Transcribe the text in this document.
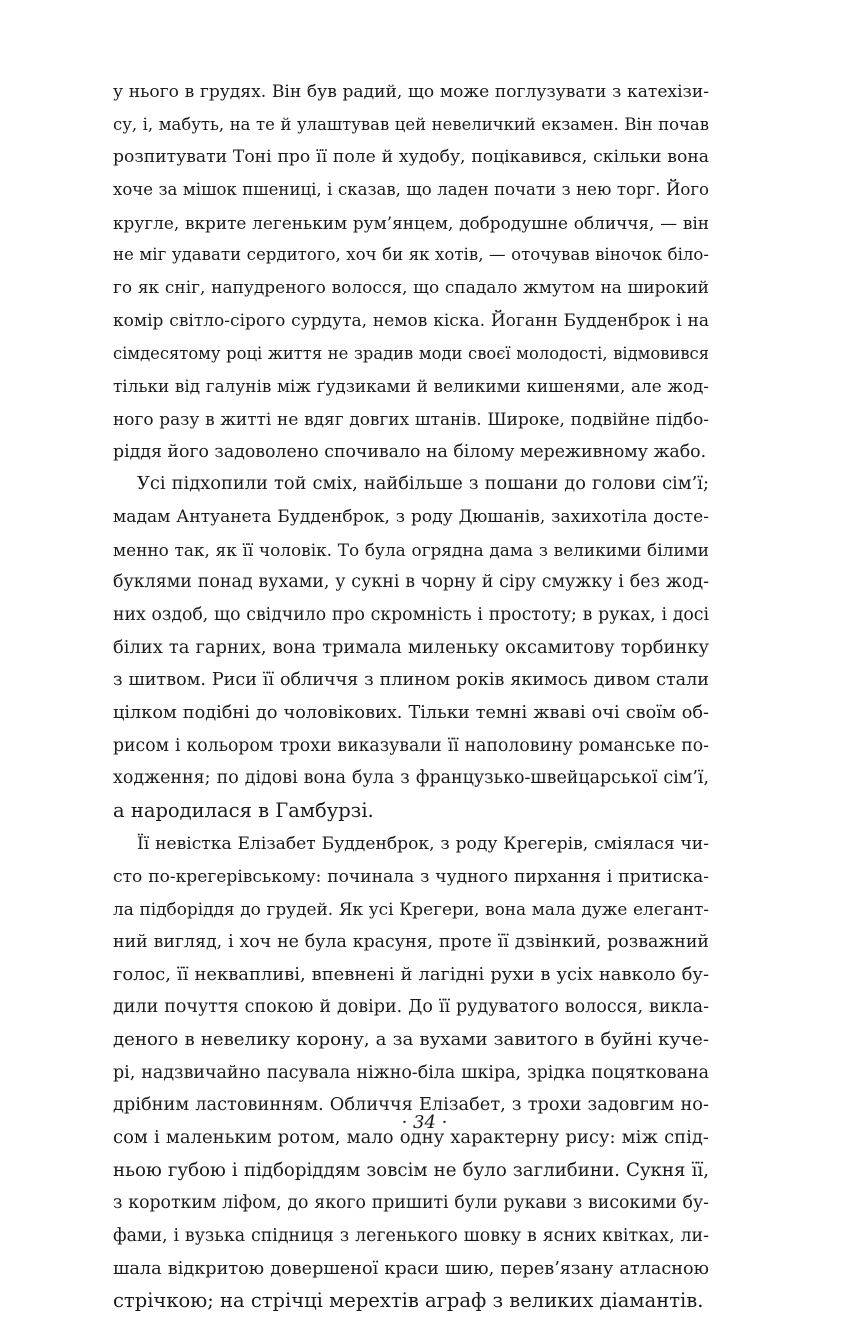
у нього в грудях. Він був радий, що може поглузувати з катехізи-
су, і, мабуть, на те й улаштував цей невеличкий екзамен. Він почав
розпитувати Тоні про її поле й худобу, поцікавився, скільки вона
хоче за мішок пшениці, і сказав, що ладен почати з нею торг. Його
кругле, вкрите легеньким рум’янцем, добродушне обличчя, — він
не міг удавати сердитого, хоч би як хотів, — оточував віночок біло-
го як сніг, напудреного волосся, що спадало жмутом на широкий
комір світло-сірого сурдута, немов кіска. Йоганн Будденброк і на
сімдесятому році життя не зрадив моди своєї молодості, відмовився
тільки від галунів між ґудзиками й великими кишенями, але жод-
ного разу в житті не вдяг довгих штанів. Широке, подвійне підбо-
ріддя його задоволено спочивало на білому мереживному жабо.
Усі підхопили той сміх, найбільше з пошани до голови сім’ї;
мадам Антуанета Будденброк, з роду Дюшанів, захихотіла досте-
менно так, як її чоловік. То була огрядна дама з великими білими
буклями понад вухами, у сукні в чорну й сіру смужку і без жод-
них оздоб, що свідчило про скромність і простоту; в руках, і досі
білих та гарних, вона тримала миленьку оксамитову торбинку
з шитвом. Риси її обличчя з плином років якимось дивом стали
цілком подібні до чоловікових. Тільки темні жваві очі своїм об-
рисом і кольором трохи виказували її наполовину романське по-
ходження; по дідові вона була з французько-швейцарської сім’ї,
а народилася в Гамбурзі.
Її невістка Елізабет Будденброк, з роду Крегерів, сміялася чи-
сто по-крегерівському: починала з чудного пирхання і притиска-
ла підборіддя до грудей. Як усі Крегери, вона мала дуже елегант-
ний вигляд, і хоч не була красуня, проте її дзвінкий, розважний
голос, її неквапливі, впевнені й лагідні рухи в усіх навколо бу-
дили почуття спокою й довіри. До її рудуватого волосся, викла-
деного в невелику корону, а за вухами завитого в буйні куче-
рі, надзвичайно пасувала ніжно-біла шкіра, зрідка поцяткована
дрібним ластовинням. Обличчя Елізабет, з трохи задовгим но-
сом і маленьким ротом, мало одну характерну рису: між спід-
ньою губою і підборіддям зовсім не було заглибини. Сукня її,
з коротким ліфом, до якого пришиті були рукави з високими бу-
фами, і вузька спідниця з легенького шовку в ясних квітках, ли-
шала відкритою довершеної краси шию, перев’язану атласною
стрічкою; на стрічці мерехтів аграф з великих діамантів.
· 34 ·
